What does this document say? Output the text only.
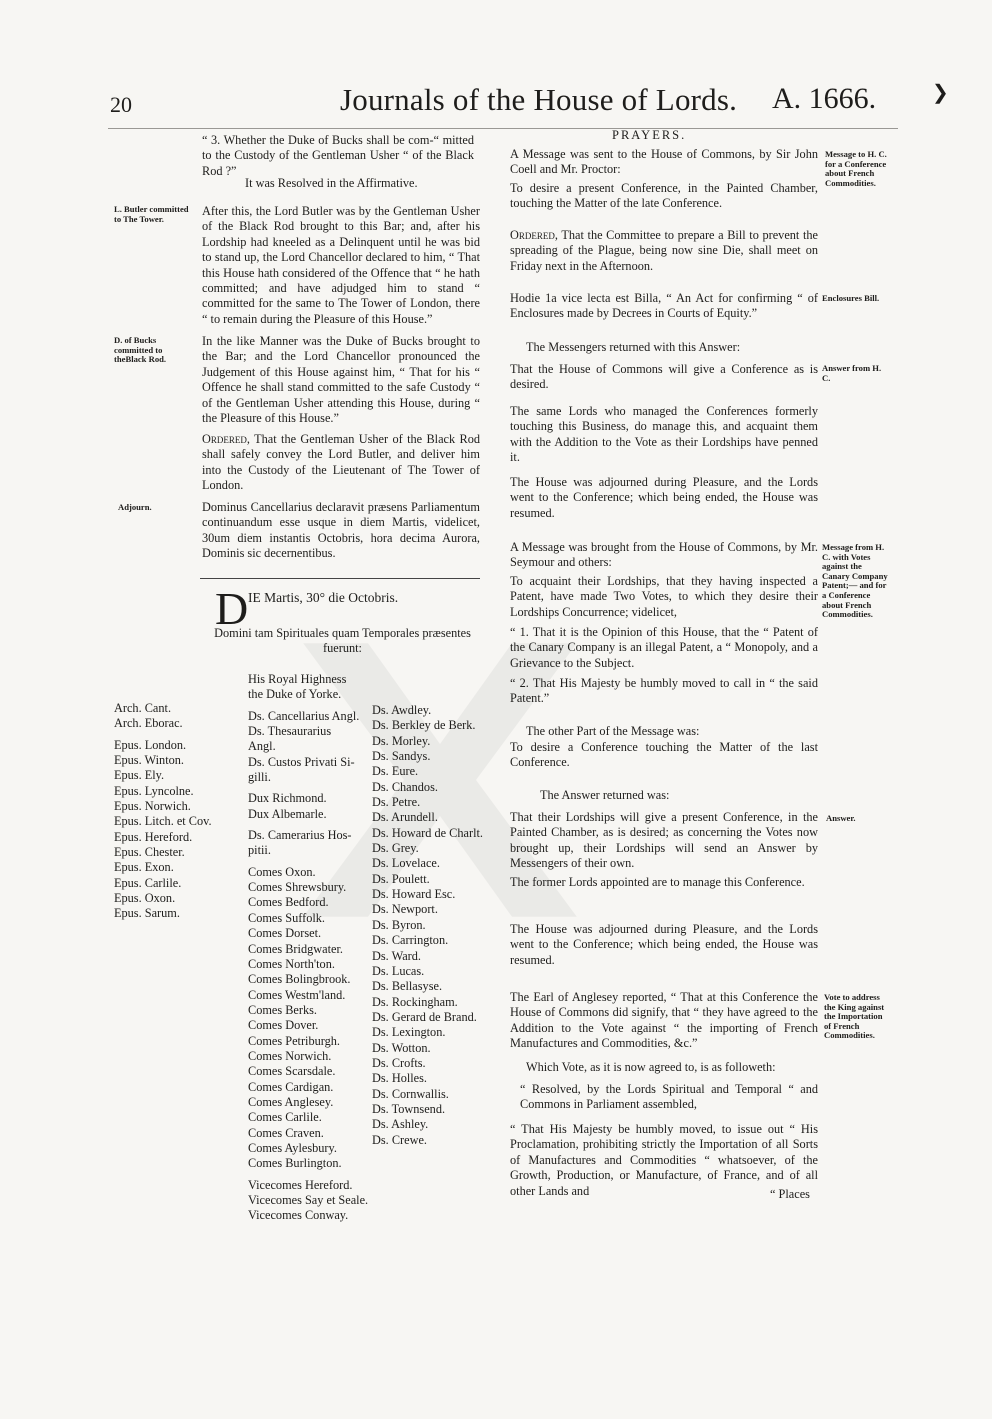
20	Journals of the House of Lords. A. 1666.	❯
“ 3. Whether the Duke of Bucks shall be com-“ mitted to the Custody of the Gentleman Usher “ of the Black Rod ?”
It was Resolved in the Affirmative.
L. Butler committed to The Tower.
After this, the Lord Butler was by the Gentleman Usher of the Black Rod brought to this Bar; and, after his Lordship had kneeled as a Delinquent until he was bid to stand up, the Lord Chancellor declared to him, “ That this House hath considered of the Offence that “ he hath committed; and have adjudged him to stand “ committed for the same to The Tower of London, there “ to remain during the Pleasure of this House.”
D. of Bucks committed to theBlack Rod.
In the like Manner was the Duke of Bucks brought to the Bar; and the Lord Chancellor pronounced the Judgement of this House against him, “ That for his “ Offence he shall stand committed to the safe Custody “ of the Gentleman Usher attending this House, during “ the Pleasure of this House.”
Ordered, That the Gentleman Usher of the Black Rod shall safely convey the Lord Butler, and deliver him into the Custody of the Lieutenant of The Tower of London.
Adjourn.	Dominus Cancellarius declaravit præsens Parliamentum continuandum esse usque in diem Martis, videlicet, 30um diem instantis Octobris, hora decima Aurora, Dominis sic decernentibus.
D IE Martis, 30° die Octobris.
Domini tam Spirituales quam Temporales præsentes fuerunt:
Arch. Cant.
Arch. Eborac.

Epus. London.
Epus. Winton.
Epus. Ely.
Epus. Lyncolne.
Epus. Norwich.
Epus. Litch. et Cov.
Epus. Hereford.
Epus. Chester.
Epus. Exon.
Epus. Carlile.
Epus. Oxon.
Epus. Sarum.
His Royal Highness
the Duke of Yorke.

Ds. Cancellarius Angl.
Ds. Thesaurarius
Angl.
Ds. Custos Privati Si-
gilli.

Dux Richmond.
Dux Albemarle.

Ds. Camerarius Hos-
pitii.

Comes Oxon.
Comes Shrewsbury.
Comes Bedford.
Comes Suffolk.
Comes Dorset.
Comes Bridgwater.
Comes North'ton.
Comes Bolingbrook.
Comes Westm'land.
Comes Berks.
Comes Dover.
Comes Petriburgh.
Comes Norwich.
Comes Scarsdale.
Comes Cardigan.
Comes Anglesey.
Comes Carlile.
Comes Craven.
Comes Aylesbury.
Comes Burlington.

Vicecomes Hereford.
Vicecomes Say et Seale.
Vicecomes Conway.
Ds. Awdley.
Ds. Berkley de Berk.
Ds. Morley.
Ds. Sandys.
Ds. Eure.
Ds. Chandos.
Ds. Petre.
Ds. Arundell.
Ds. Howard de Charlt.
Ds. Grey.
Ds. Lovelace.
Ds. Poulett.
Ds. Howard Esc.
Ds. Newport.
Ds. Byron.
Ds. Carrington.
Ds. Ward.
Ds. Lucas.
Ds. Bellasyse.
Ds. Rockingham.
Ds. Gerard de Brand.
Ds. Lexington.
Ds. Wotton.
Ds. Crofts.
Ds. Holles.
Ds. Cornwallis.
Ds. Townsend.
Ds. Ashley.
Ds. Crewe.
PRAYERS.
A Message was sent to the House of Commons, by Sir John Coell and Mr. Proctor:
Message to H. C. for a Conference about French Commodities.
To desire a present Conference, in the Painted Chamber, touching the Matter of the late Conference.
Ordered, That the Committee to prepare a Bill to prevent the spreading of the Plague, being now sine Die, shall meet on Friday next in the Afternoon.
Hodie 1a vice lecta est Billa, “ An Act for confirming “ of Enclosures made by Decrees in Courts of Equity.”
Enclosures Bill.
The Messengers returned with this Answer:
That the House of Commons will give a Conference as is desired.
Answer from H. C.
The same Lords who managed the Conferences formerly touching this Business, do manage this, and acquaint them with the Addition to the Vote as their Lordships have penned it.
The House was adjourned during Pleasure, and the Lords went to the Conference; which being ended, the House was resumed.
A Message was brought from the House of Commons, by Mr. Seymour and others:
Message from H. C. with Votes against the Canary Company Patent;— and for a Conference about French Commodities.
To acquaint their Lordships, that they having inspected a Patent, have made Two Votes, to which they desire their Lordships Concurrence; videlicet,
“ 1. That it is the Opinion of this House, that the “ Patent of the Canary Company is an illegal Patent, a “ Monopoly, and a Grievance to the Subject.
“ 2. That His Majesty be humbly moved to call in “ the said Patent.”
The other Part of the Message was:
To desire a Conference touching the Matter of the last Conference.
The Answer returned was:
That their Lordships will give a present Conference, in the Painted Chamber, as is desired; as concerning the Votes now brought up, their Lordships will send an Answer by Messengers of their own.
Answer.
The former Lords appointed are to manage this Conference.
The House was adjourned during Pleasure, and the Lords went to the Conference; which being ended, the House was resumed.
The Earl of Anglesey reported, “ That at this Conference the House of Commons did signify, that “ they have agreed to the Addition to the Vote against “ the importing of French Manufactures and Commodities, &c.”
Vote to address the King against the Importation of French Commodities.
Which Vote, as it is now agreed to, is as followeth:
“ Resolved, by the Lords Spiritual and Temporal “ and Commons in Parliament assembled,
“ That His Majesty be humbly moved, to issue out “ His Proclamation, prohibiting strictly the Importation of all Sorts of Manufactures and Commodities “ whatsoever, of the Growth, Production, or Manufacture, of France, and of all other Lands and	“ Places
